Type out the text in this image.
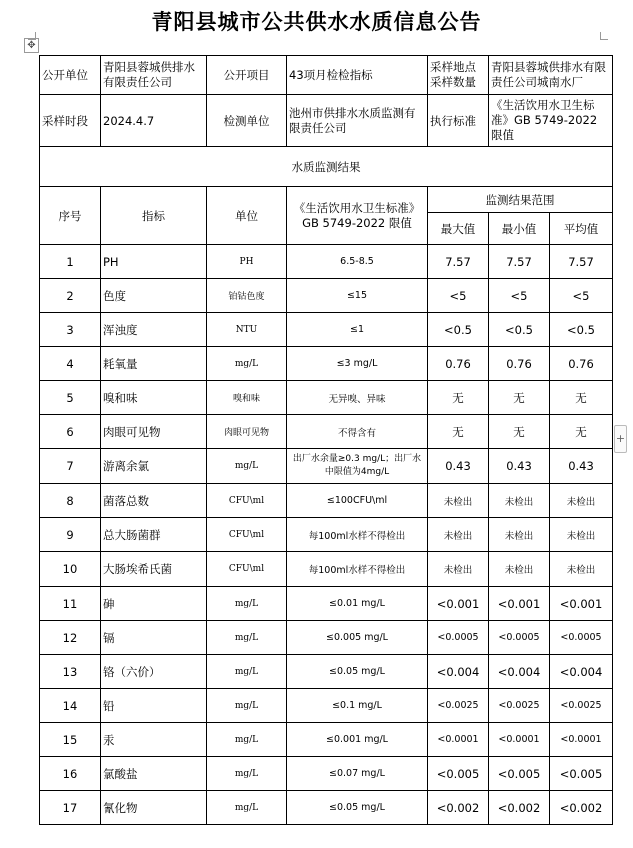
青阳县城市公共供水水质信息公告
✥
+
公开单位	青阳县蓉城供排水有限责任公司	公开项目	43项月检检指标	采样地点采样数量	青阳县蓉城供排水有限责任公司城南水厂	
采样时段	2024.4.7	检测单位	池州市供排水水质监测有限责任公司	执行标准	《生活饮用水卫生标准》GB 5749-2022 限值	
水质监测结果						
序号	指标	单位	《生活饮用水卫生标准》GB 5749-2022 限值	监测结果范围		
				最大值	最小值	平均值
1	PH	PH	6.5-8.5	7.57	7.57	7.57
2	色度	铂钴色度	≤15	<5	<5	<5
3	浑浊度	NTU	≤1	<0.5	<0.5	<0.5
4	耗氧量	mg/L	≤3 mg/L	0.76	0.76	0.76
5	嗅和味	嗅和味	无异嗅、异味	无	无	无
6	肉眼可见物	肉眼可见物	不得含有	无	无	无
7	游离余氯	mg/L	出厂水余量≥0.3 mg/L；出厂水中限值为4mg/L	0.43	0.43	0.43
8	菌落总数	CFU\ml	≤100CFU\ml	未检出	未检出	未检出
9	总大肠菌群	CFU\ml	每100ml水样不得检出	未检出	未检出	未检出
10	大肠埃希氏菌	CFU\ml	每100ml水样不得检出	未检出	未检出	未检出
11	砷	mg/L	≤0.01 mg/L	<0.001	<0.001	<0.001
12	镉	mg/L	≤0.005 mg/L	<0.0005	<0.0005	<0.0005
13	铬（六价）	mg/L	≤0.05 mg/L	<0.004	<0.004	<0.004
14	铅	mg/L	≤0.1 mg/L	<0.0025	<0.0025	<0.0025
15	汞	mg/L	≤0.001 mg/L	<0.0001	<0.0001	<0.0001
16	氯酸盐	mg/L	≤0.07 mg/L	<0.005	<0.005	<0.005
17	氰化物	mg/L	≤0.05 mg/L	<0.002	<0.002	<0.002
